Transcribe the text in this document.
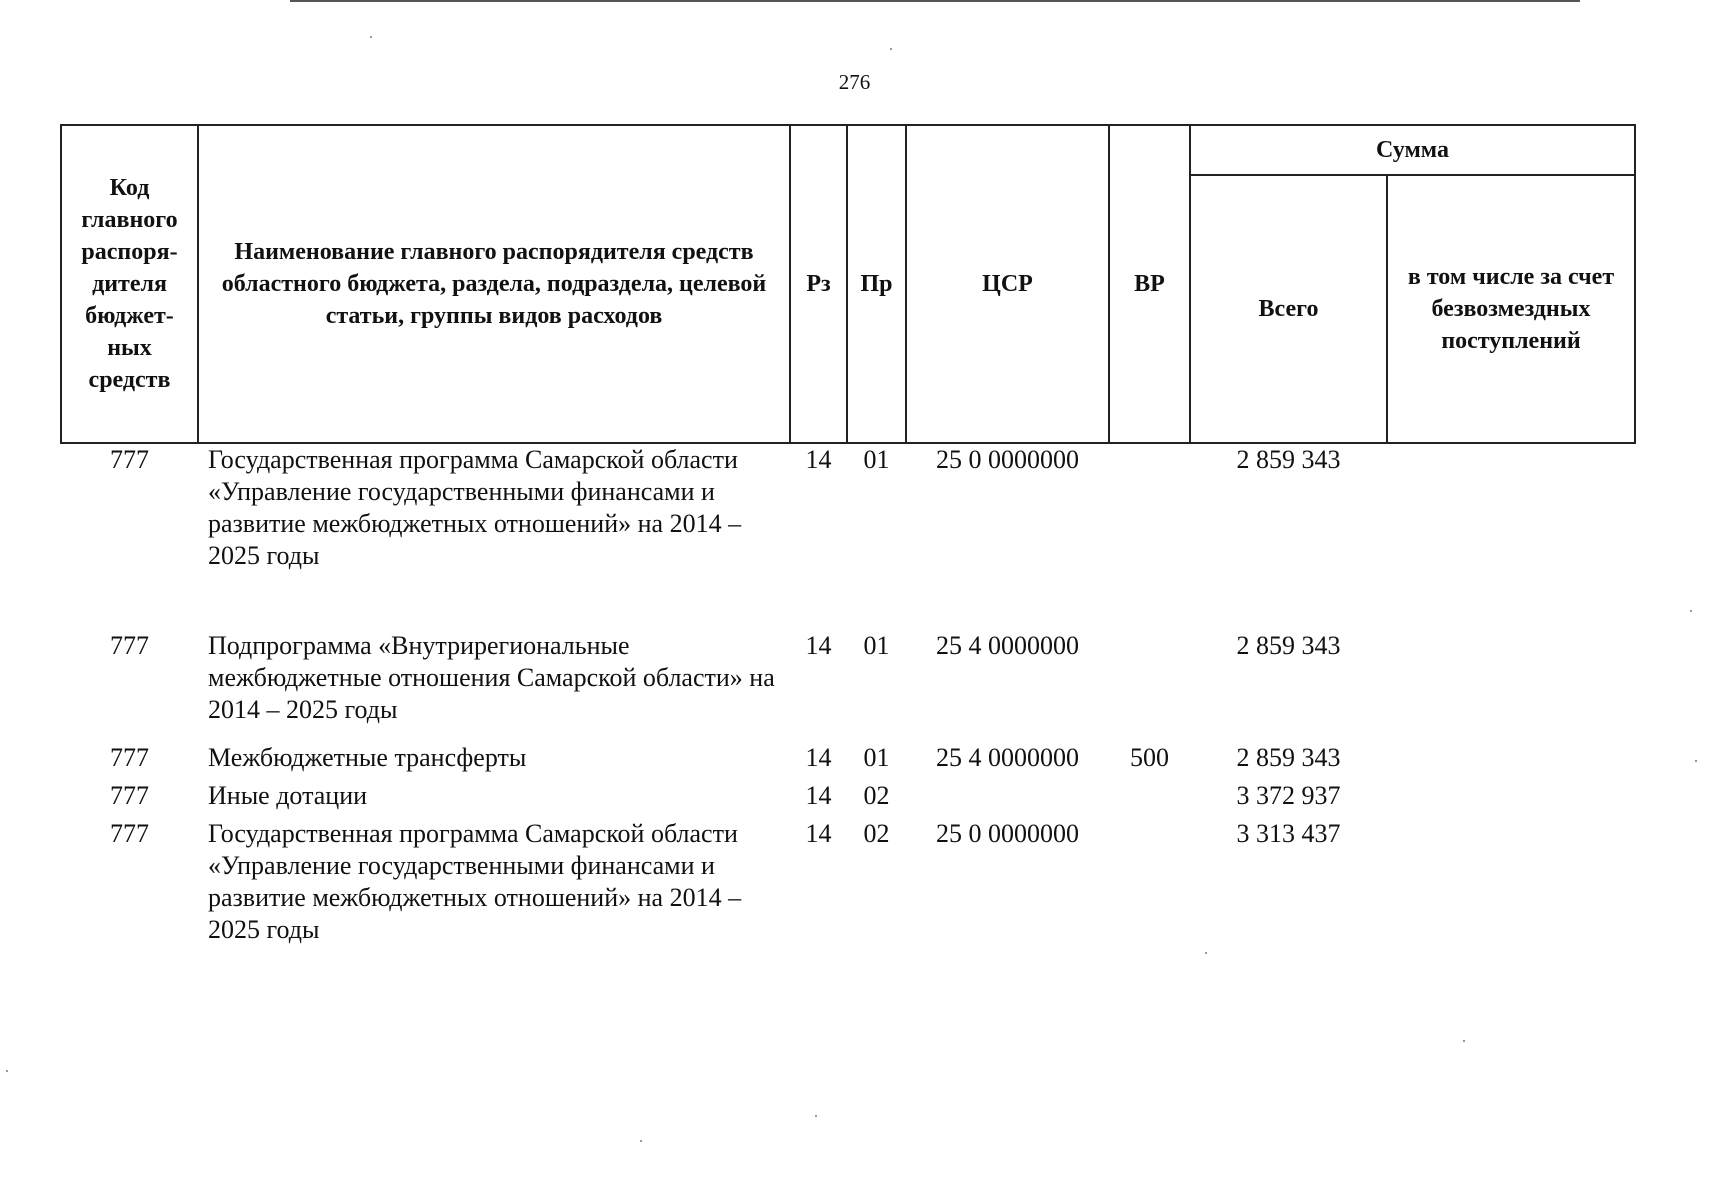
276
Код главного распоря-дителя бюджет-ных средств	Наименование главного распорядителя средств областного бюджета, раздела, подраздела, целевой статьи, группы видов расходов	Рз	Пр	ЦСР	ВР	Сумма	
						Всего	в том числе за счет безвозмездных поступлений
777	Государственная программа Самарской области «Управление государственными финансами и развитие межбюджетных отношений» на 2014 – 2025 годы	14	01	25 0 0000000		2 859 343	
777	Подпрограмма «Внутрирегиональные межбюджетные отношения Самарской области» на 2014 – 2025 годы	14	01	25 4 0000000		2 859 343	
777	Межбюджетные трансферты	14	01	25 4 0000000	500	2 859 343	
777	Иные дотации	14	02			3 372 937	
777	Государственная программа Самарской области «Управление государственными финансами и развитие межбюджетных отношений» на 2014 – 2025 годы	14	02	25 0 0000000		3 313 437	
